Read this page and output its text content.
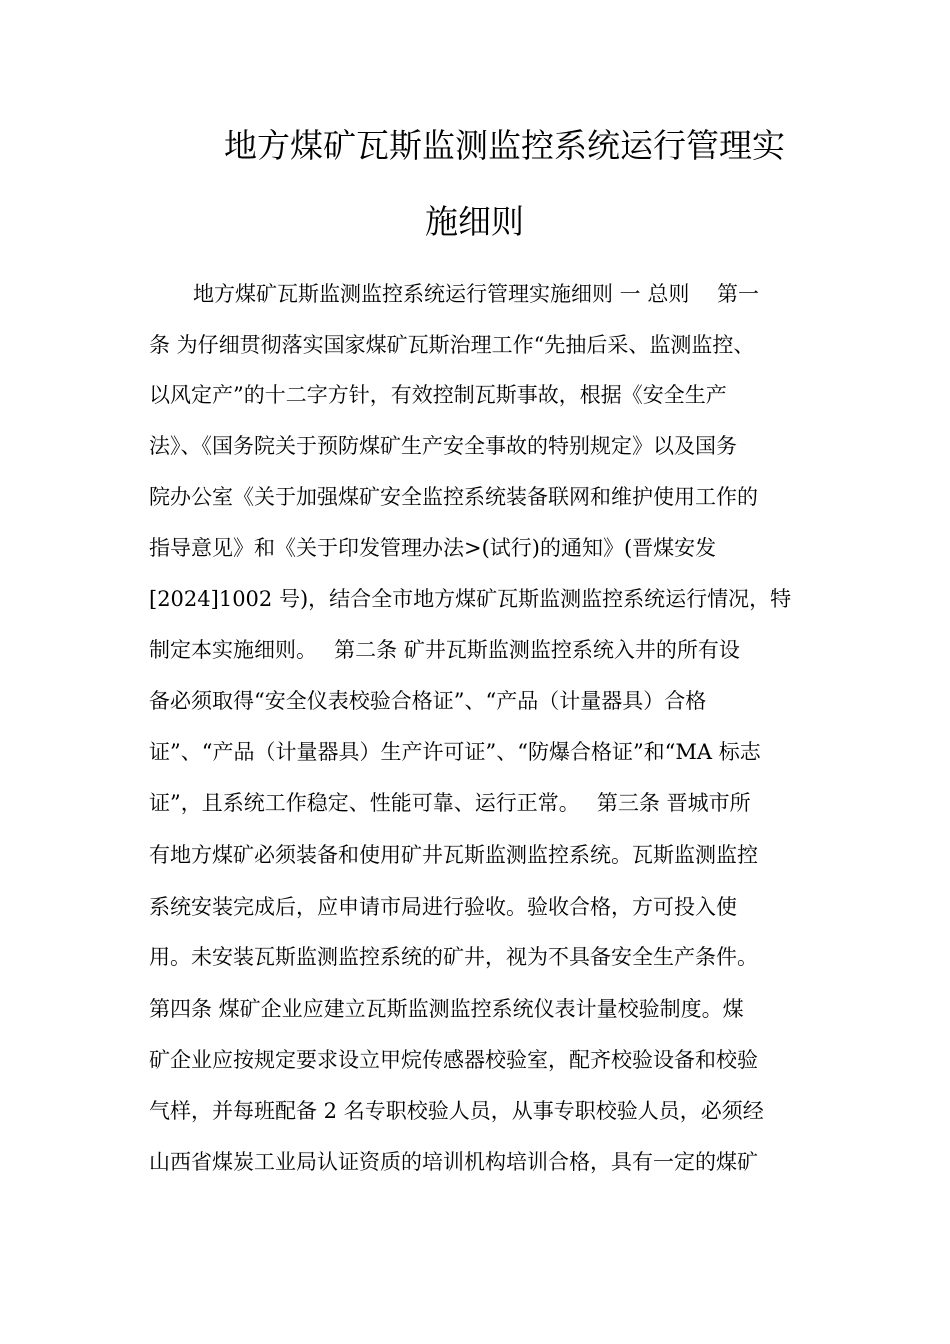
地方煤矿瓦斯监测监控系统运行管理实
施细则
地方煤矿瓦斯监测监控系统运行管理实施细则 一 总则　 第一
条 为仔细贯彻落实国家煤矿瓦斯治理工作“先抽后采、监测监控、
以风定产”的十二字方针，有效控制瓦斯事故，根据《安全生产
法》、《国务院关于预防煤矿生产安全事故的特别规定》以及国务
院办公室《关于加强煤矿安全监控系统装备联网和维护使用工作的
指导意见》和《关于印发管理办法>(试行)的通知》(晋煤安发
[2024]1002 号)，结合全市地方煤矿瓦斯监测监控系统运行情况，特
制定本实施细则。　 第二条 矿井瓦斯监测监控系统入井的所有设
备必须取得“安全仪表校验合格证”、“产品（计量器具）合格
证”、“产品（计量器具）生产许可证”、“防爆合格证”和“MA 标志
证”，且系统工作稳定、性能可靠、运行正常。　 第三条 晋城市所
有地方煤矿必须装备和使用矿井瓦斯监测监控系统。瓦斯监测监控
系统安装完成后，应申请市局进行验收。验收合格，方可投入使
用。未安装瓦斯监测监控系统的矿井，视为不具备安全生产条件。
第四条 煤矿企业应建立瓦斯监测监控系统仪表计量校验制度。煤
矿企业应按规定要求设立甲烷传感器校验室，配齐校验设备和校验
气样，并每班配备 2 名专职校验人员，从事专职校验人员，必须经
山西省煤炭工业局认证资质的培训机构培训合格，具有一定的煤矿
